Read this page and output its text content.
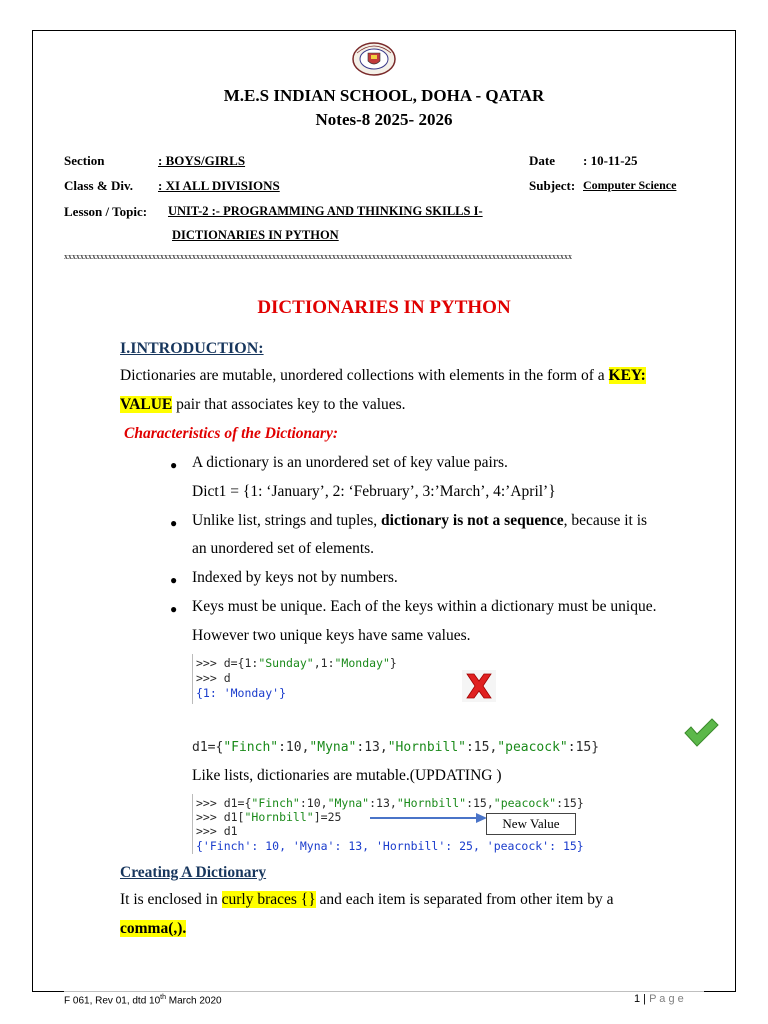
M.E.S INDIAN SCHOOL, DOHA - QATAR
Notes-8 2025- 2026
Section	: BOYS/GIRLS	Date : 10-11-25
Class & Div. : XI ALL DIVISIONS	Subject: Computer Science
Lesson / Topic: UNIT-2 :- PROGRAMMING AND THINKING SKILLS I-
DICTIONARIES IN PYTHON
xxxxxxxxxxxxxxxxxxxxxxxxxxxxxxxxxxxxxxxxxxxxxxxxxxxxxxxxxxxxxxxxxxxxxxxxxxxxxxxxxxxxxxxxxxxxxxxxxxxxxxxxxxxxxxxxxxxxxxxxxxxxxxx
DICTIONARIES IN PYTHON
I.INTRODUCTION:
Dictionaries are mutable, unordered collections with elements in the form of a KEY:
VALUE pair that associates key to the values.
Characteristics of the Dictionary:
● A dictionary is an unordered set of key value pairs.
Dict1 = {1: ‘January’, 2: ‘February’, 3:’March’, 4:’April’}
● Unlike list, strings and tuples, dictionary is not a sequence, because it is
an unordered set of elements.
● Indexed by keys not by numbers.
● Keys must be unique. Each of the keys within a dictionary must be unique.
However two unique keys have same values.
>>> d={1:"Sunday",1:"Monday"}
>>> d
{1: 'Monday'}
d1={"Finch":10,"Myna":13,"Hornbill":15,"peacock":15}
Like lists, dictionaries are mutable.(UPDATING )
>>> d1={"Finch":10,"Myna":13,"Hornbill":15,"peacock":15}
>>> d1["Hornbill"]=25
>>> d1
{'Finch': 10, 'Myna': 13, 'Hornbill': 25, 'peacock': 15}
New Value
Creating A Dictionary
It is enclosed in curly braces {} and each item is separated from other item by a
comma(,).
F 061, Rev 01, dtd 10th March 2020	1 | P a g e
